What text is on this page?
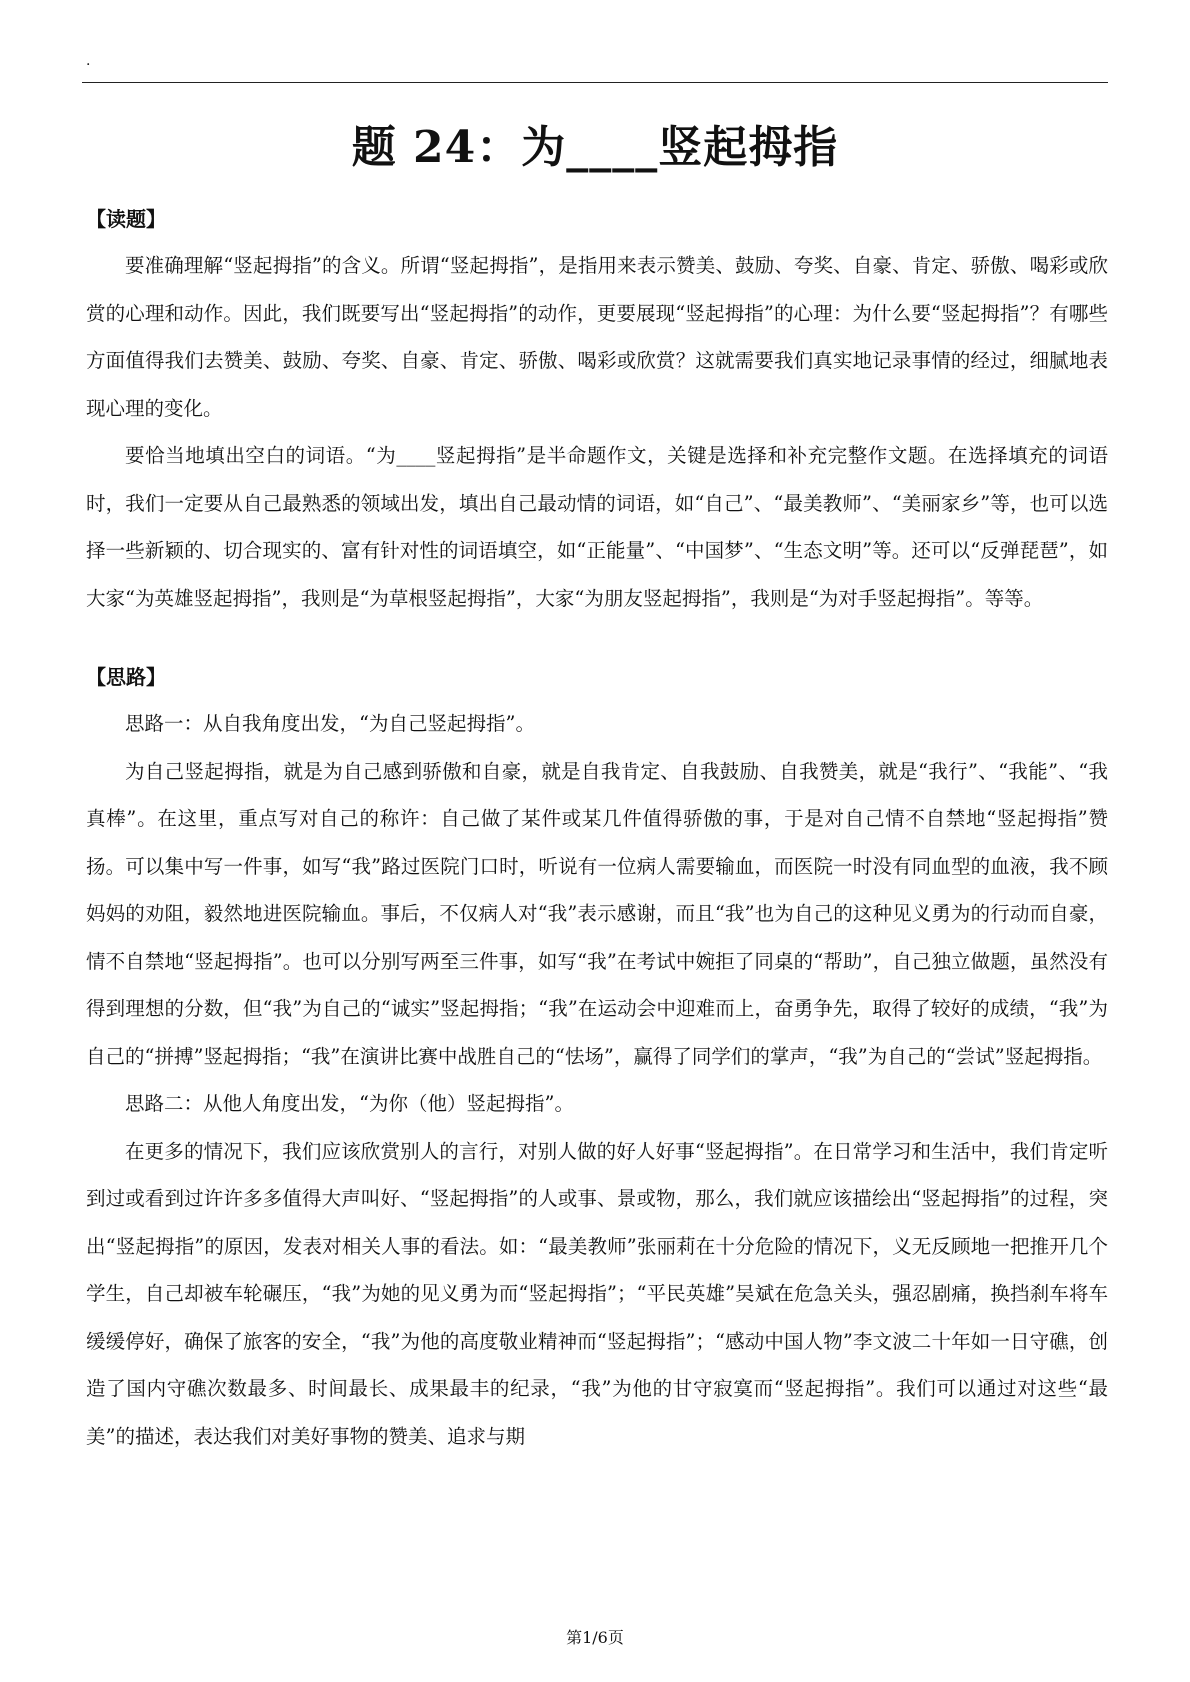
·
题 24：为____竖起拇指
【读题】

要准确理解“竖起拇指”的含义。所谓“竖起拇指”，是指用来表示赞美、鼓励、夸奖、自豪、肯定、骄傲、喝彩或欣赏的心理和动作。因此，我们既要写出“竖起拇指”的动作，更要展现“竖起拇指”的心理：为什么要“竖起拇指”？有哪些方面值得我们去赞美、鼓励、夸奖、自豪、肯定、骄傲、喝彩或欣赏？这就需要我们真实地记录事情的经过，细腻地表现心理的变化。

要恰当地填出空白的词语。“为____竖起拇指”是半命题作文，关键是选择和补充完整作文题。在选择填充的词语时，我们一定要从自己最熟悉的领域出发，填出自己最动情的词语，如“自己”、“最美教师”、“美丽家乡”等，也可以选择一些新颖的、切合现实的、富有针对性的词语填空，如“正能量”、“中国梦”、“生态文明”等。还可以“反弹琵琶”，如大家“为英雄竖起拇指”，我则是“为草根竖起拇指”，大家“为朋友竖起拇指”，我则是“为对手竖起拇指”。等等。

【思路】

思路一：从自我角度出发，“为自己竖起拇指”。

为自己竖起拇指，就是为自己感到骄傲和自豪，就是自我肯定、自我鼓励、自我赞美，就是“我行”、“我能”、“我真棒”。在这里，重点写对自己的称许：自己做了某件或某几件值得骄傲的事，于是对自己情不自禁地“竖起拇指”赞扬。可以集中写一件事，如写“我”路过医院门口时，听说有一位病人需要输血，而医院一时没有同血型的血液，我不顾妈妈的劝阻，毅然地进医院输血。事后，不仅病人对“我”表示感谢，而且“我”也为自己的这种见义勇为的行动而自豪，情不自禁地“竖起拇指”。也可以分别写两至三件事，如写“我”在考试中婉拒了同桌的“帮助”，自己独立做题，虽然没有得到理想的分数，但“我”为自己的“诚实”竖起拇指；“我”在运动会中迎难而上，奋勇争先，取得了较好的成绩，“我”为自己的“拼搏”竖起拇指；“我”在演讲比赛中战胜自己的“怯场”，赢得了同学们的掌声，“我”为自己的“尝试”竖起拇指。

思路二：从他人角度出发，“为你（他）竖起拇指”。

在更多的情况下，我们应该欣赏别人的言行，对别人做的好人好事“竖起拇指”。在日常学习和生活中，我们肯定听到过或看到过许许多多值得大声叫好、“竖起拇指”的人或事、景或物，那么，我们就应该描绘出“竖起拇指”的过程，突出“竖起拇指”的原因，发表对相关人事的看法。如：“最美教师”张丽莉在十分危险的情况下，义无反顾地一把推开几个学生，自己却被车轮碾压，“我”为她的见义勇为而“竖起拇指”；“平民英雄”吴斌在危急关头，强忍剧痛，换挡刹车将车缓缓停好，确保了旅客的安全，“我”为他的高度敬业精神而“竖起拇指”；“感动中国人物”李文波二十年如一日守礁，创造了国内守礁次数最多、时间最长、成果最丰的纪录，“我”为他的甘守寂寞而“竖起拇指”。我们可以通过对这些“最美”的描述，表达我们对美好事物的赞美、追求与期

第1/6页
